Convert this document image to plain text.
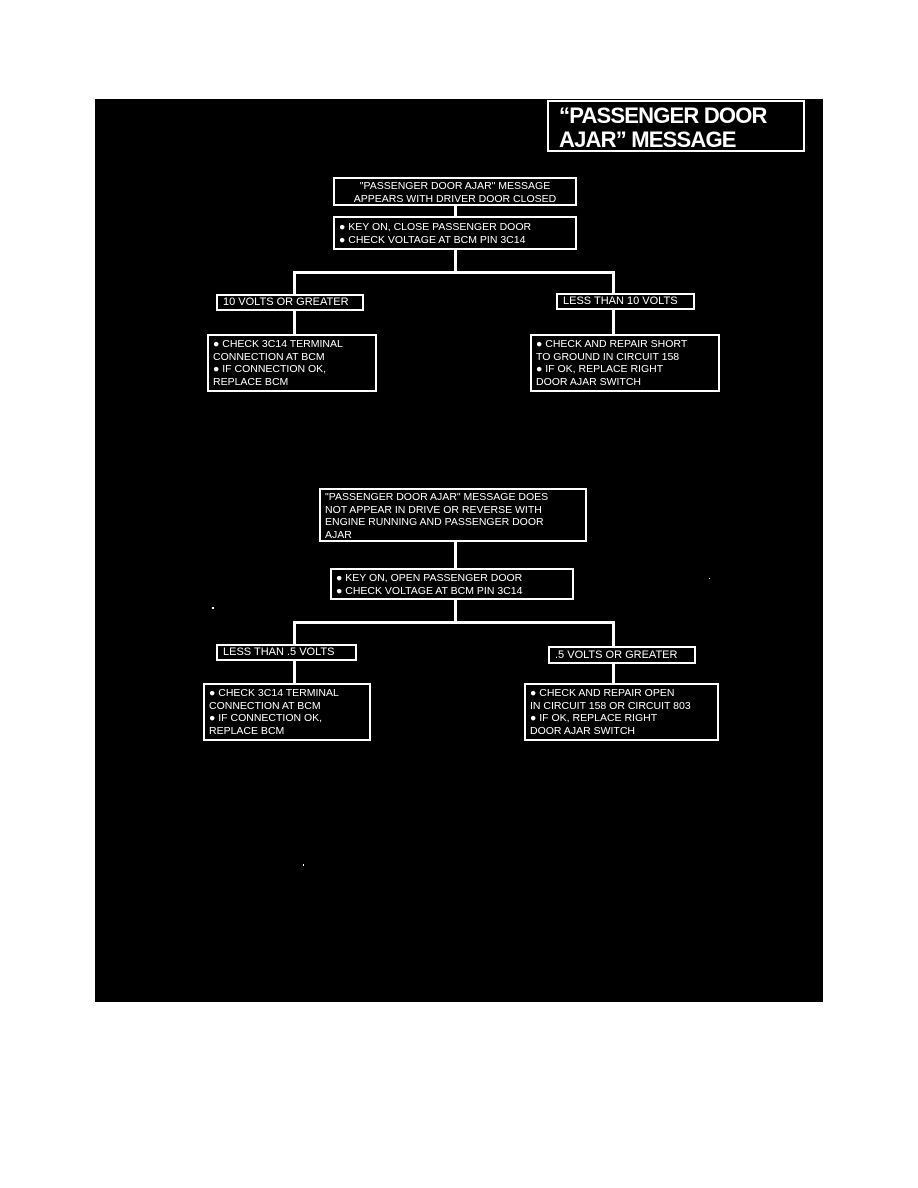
“PASSENGER DOOR
AJAR” MESSAGE
"PASSENGER DOOR AJAR" MESSAGE
APPEARS WITH DRIVER DOOR CLOSED
● KEY ON, CLOSE PASSENGER DOOR
● CHECK VOLTAGE AT BCM PIN 3C14
10 VOLTS OR GREATER	LESS THAN 10 VOLTS
● CHECK 3C14 TERMINAL
CONNECTION AT BCM
● IF CONNECTION OK,
REPLACE BCM
● CHECK AND REPAIR SHORT
TO GROUND IN CIRCUIT 158
● IF OK, REPLACE RIGHT
DOOR AJAR SWITCH
"PASSENGER DOOR AJAR" MESSAGE DOES
NOT APPEAR IN DRIVE OR REVERSE WITH
ENGINE RUNNING AND PASSENGER DOOR
AJAR
● KEY ON, OPEN PASSENGER DOOR
● CHECK VOLTAGE AT BCM PIN 3C14
LESS THAN .5 VOLTS	.5 VOLTS OR GREATER
● CHECK 3C14 TERMINAL
CONNECTION AT BCM
● IF CONNECTION OK,
REPLACE BCM
● CHECK AND REPAIR OPEN
IN CIRCUIT 158 OR CIRCUIT 803
● IF OK, REPLACE RIGHT
DOOR AJAR SWITCH
